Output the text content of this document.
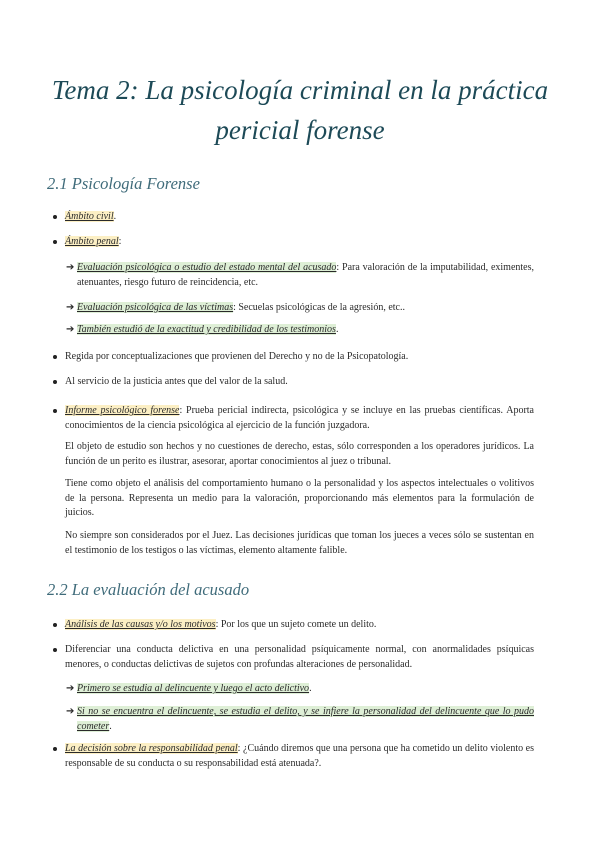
Tema 2: La psicología criminal en la práctica pericial forense
2.1 Psicología Forense
Ámbito civil.
Ámbito penal:
➔ Evaluación psicológica o estudio del estado mental del acusado: Para valoración de la imputabilidad, eximentes, atenuantes, riesgo futuro de reincidencia, etc.
➔ Evaluación psicológica de las víctimas: Secuelas psicológicas de la agresión, etc..
➔ También estudió de la exactitud y credibilidad de los testimonios.
Regida por conceptualizaciones que provienen del Derecho y no de la Psicopatología.
Al servicio de la justicia antes que del valor de la salud.
Informe psicológico forense: Prueba pericial indirecta, psicológica y se incluye en las pruebas científicas. Aporta conocimientos de la ciencia psicológica al ejercicio de la función juzgadora.

El objeto de estudio son hechos y no cuestiones de derecho, estas, sólo corresponden a los operadores jurídicos. La función de un perito es ilustrar, asesorar, aportar conocimientos al juez o tribunal.

Tiene como objeto el análisis del comportamiento humano o la personalidad y los aspectos intelectuales o volitivos de la persona. Representa un medio para la valoración, proporcionando más elementos para la formulación de juicios.

No siempre son considerados por el Juez. Las decisiones jurídicas que toman los jueces a veces sólo se sustentan en el testimonio de los testigos o las víctimas, elemento altamente falible.

2.2 La evaluación del acusado
Análisis de las causas y/o los motivos: Por los que un sujeto comete un delito.
Diferenciar una conducta delictiva en una personalidad psíquicamente normal, con anormalidades psíquicas menores, o conductas delictivas de sujetos con profundas alteraciones de personalidad.
➔ Primero se estudia al delincuente y luego el acto delictivo.
➔ Si no se encuentra el delincuente, se estudia el delito, y se infiere la personalidad del delincuente que lo pudo cometer.
La decisión sobre la responsabilidad penal: ¿Cuándo diremos que una persona que ha cometido un delito violento es responsable de su conducta o su responsabilidad está atenuada?.
